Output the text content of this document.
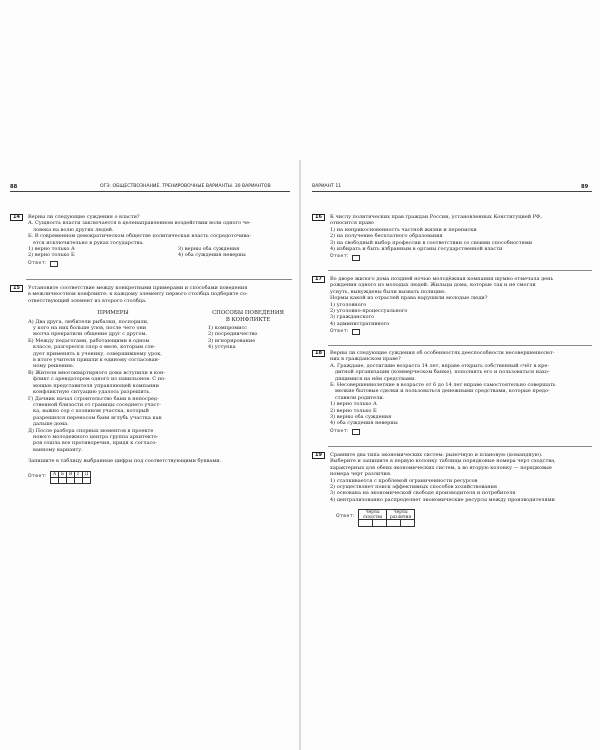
88	ОГЭ. ОБЩЕСТВОЗНАНИЕ. ТРЕНИРОВОЧНЫЕ ВАРИАНТЫ. 30 ВАРИАНТОВ
14	Верны ли следующие суждения о власти?
А. Сущность власти заключается в целенаправленном воздействии воли одного че-
ловека на волю других людей.
Б. В современном демократическом обществе политическая власть сосредоточива-
ется исключительно в руках государства.
1) верно только А
2) верно только Б
3) верны оба суждения
4) оба суждения неверны
Ответ:
15	Установите соответствие между конкретными примерами и способами поведения
в межличностном конфликте: к каждому элементу первого столбца подберите со-
ответствующий элемент из второго столбца.
ПРИМЕРЫ
А) Два друга, любители рыбалки, поспорили,
у кого на них больше улов, после чего они
молча прекратили общение друг с другом.
Б) Между педагогами, работающими в одном
классе, разгорелся спор о меле, которым сле-
дует применять к ученику, совершившему урок,
в итоге учителя пришли к единому согласован-
ному решению.
В) Жители многоквартирного дома вступили в кон-
фликт с арендатором одного из павильонов. С по-
мощью представителя управляющей компании
конфликтную ситуацию удалось разрешить.
Г) Дачник начал строительство бани в непосред-
ственной близости от границы соседнего участ-
ка, важно сор с хозяином участка, который
разрешился переносом бани вглубь участка как
дальше дома.
Д) После разбора спорных моментов в проекте
нового молодежного центра группа архитекто-
ров сошла все противоречия, придя к согласо-
ванному варианту.
СПОСОБЫ ПОВЕДЕНИЯ
В КОНФЛИКТЕ
1) компромисс
2) посредничество
3) игнорирование
4) уступка
Запишите в таблицу выбранные цифры под соответствующими буквами.
Ответ: А	Б	В	Г	Д

ВАРИАНТ 11	89
16	К числу политических прав граждан России, установленных Конституцией РФ,
относится право
1) на неприкосновенность частной жизни и переписки
2) на получение бесплатного образования
3) на свободный выбор профессии в соответствии со своими способностями
4) избирать и быть избранным в органы государственной власти
Ответ:
17	Во дворе жилого дома поздней ночью молодёжная компания шумно отмечала день
рождения одного из молодых людей. Жильцы дома, которые так и не смогли
уснуть, вынуждены были вызвать полицию.
Нормы какой из отраслей права нарушили молодые люди?
1) уголовного
2) уголовно-процессуального
3) гражданского
4) административного
Ответ:
18	Верны ли следующие суждения об особенностях дееспособности несовершеннолет-
них в гражданском праве?
А. Граждане, достигшие возраста 14 лет, вправе открыть собственный счёт в кре-
дитной организации (коммерческом банке), пополнять его и пользоваться нахо-
дящимися на нём средствами.
Б. Несовершеннолетние в возрасте от 6 до 14 лет вправе самостоятельно совершать
мелкие бытовые сделки и пользоваться денежными средствами, которые предо-
ставили родители.
1) верно только А
2) верно только Б
3) верны оба суждения
4) оба суждения неверны
Ответ:
19	Сравните два типа экономических систем: рыночную и плановую (командную).
Выберите и запишите в первую колонку таблицы порядковые номера черт сходства,
характерных для обеих экономических систем, а во вторую колонку — порядковые
номера черт различия.
1) сталкивается с проблемой ограниченности ресурсов
2) осуществляет поиск эффективных способов хозяйствования
3) основана на экономической свободе производителя и потребителя
4) централизованно распределяет экономические ресурсы между производителями
Ответ:
Черты сходства		Черты различия	
